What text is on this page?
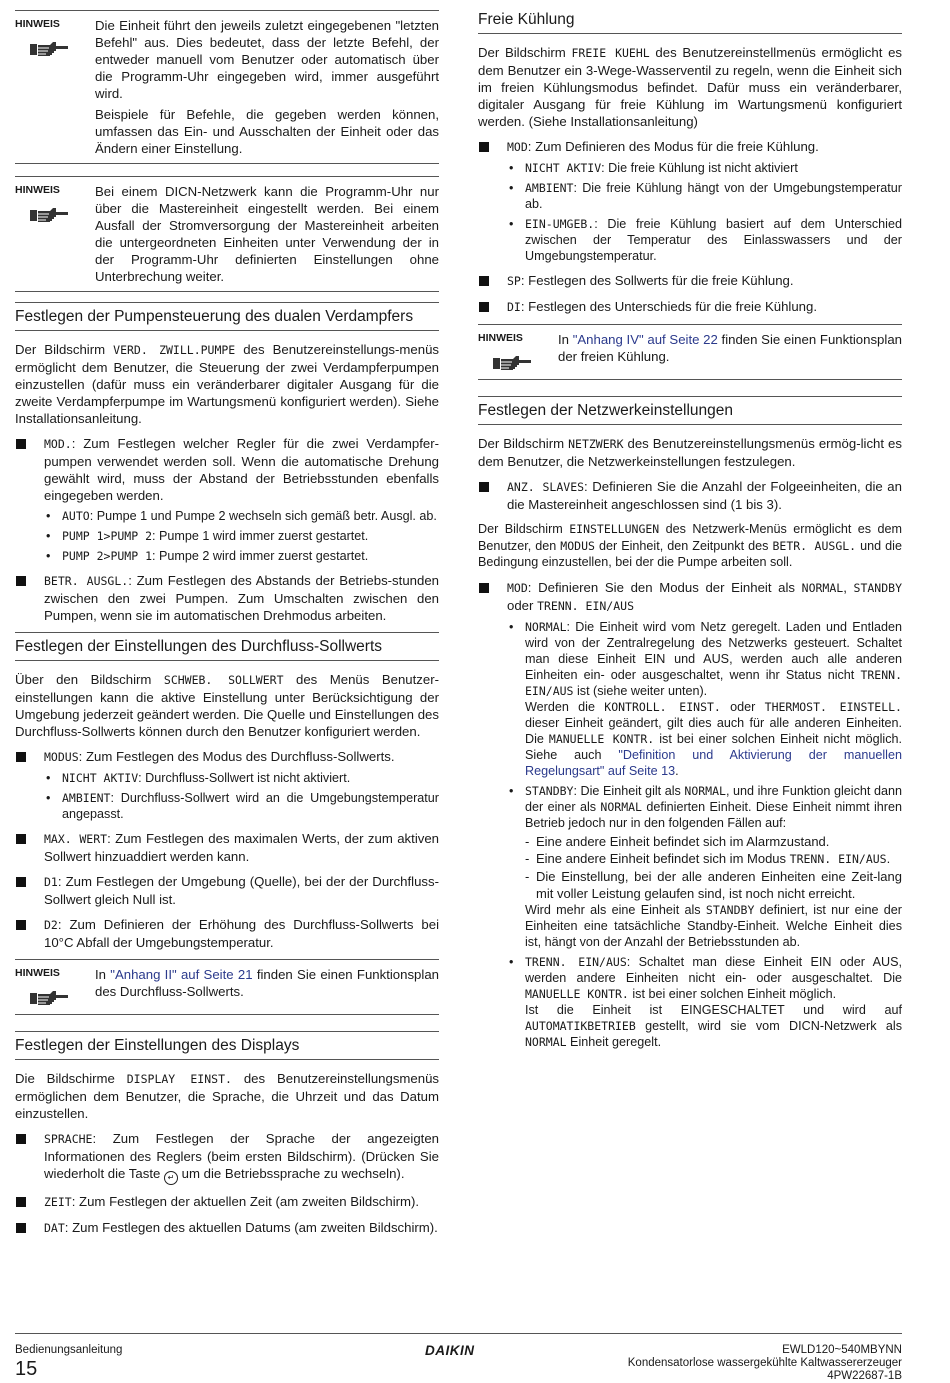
HINWEIS	Die Einheit führt den jeweils zuletzt eingegebenen "letzten Befehl" aus. Dies bedeutet, dass der letzte Befehl, der entweder manuell vom Benutzer oder automatisch über die Programm-Uhr eingegeben wird, immer ausgeführt wird.

Beispiele für Befehle, die gegeben werden können, umfassen das Ein- und Ausschalten der Einheit oder das Ändern einer Einstellung.

HINWEIS	Bei einem DICN-Netzwerk kann die Programm-Uhr nur über die Mastereinheit eingestellt werden. Bei einem Ausfall der Stromversorgung der Mastereinheit arbeiten die untergeordneten Einheiten unter Verwendung der in der Programm-Uhr definierten Einstellungen ohne Unterbrechung weiter.

Festlegen der Pumpensteuerung des dualen Verdampfers

Der Bildschirm VERD. ZWILL.PUMPE des Benutzereinstellungs-menüs ermöglicht dem Benutzer, die Steuerung der zwei Verdampferpumpen einzustellen (dafür muss ein veränderbarer digitaler Ausgang für die zweite Verdampferpumpe im Wartungsmenü konfiguriert werden). Siehe Installationsanleitung.

MOD.: Zum Festlegen welcher Regler für die zwei Verdampfer-pumpen verwendet werden soll. Wenn die automatische Drehung gewählt wird, muss der Abstand der Betriebsstunden ebenfalls eingegeben werden.
• AUTO: Pumpe 1 und Pumpe 2 wechseln sich gemäß betr. Ausgl. ab.
• PUMP 1>PUMP 2: Pumpe 1 wird immer zuerst gestartet.
• PUMP 2>PUMP 1: Pumpe 2 wird immer zuerst gestartet.
BETR. AUSGL.: Zum Festlegen des Abstands der Betriebs-stunden zwischen den zwei Pumpen. Zum Umschalten zwischen den Pumpen, wenn sie im automatischen Drehmodus arbeiten.
Festlegen der Einstellungen des Durchfluss-Sollwerts

Über den Bildschirm SCHWEB. SOLLWERT des Menüs Benutzer-einstellungen kann die aktive Einstellung unter Berücksichtigung der Umgebung jederzeit geändert werden. Die Quelle und Einstellungen des Durchfluss-Sollwerts können durch den Benutzer konfiguriert werden.

MODUS: Zum Festlegen des Modus des Durchfluss-Sollwerts.
• NICHT AKTIV: Durchfluss-Sollwert ist nicht aktiviert.
• AMBIENT: Durchfluss-Sollwert wird an die Umgebungstemperatur angepasst.
MAX. WERT: Zum Festlegen des maximalen Werts, der zum aktiven Sollwert hinzuaddiert werden kann.
D1: Zum Festlegen der Umgebung (Quelle), bei der der Durchfluss-Sollwert gleich Null ist.
D2: Zum Definieren der Erhöhung des Durchfluss-Sollwerts bei 10°C Abfall der Umgebungstemperatur.
HINWEIS	In "Anhang II" auf Seite 21 finden Sie einen Funktionsplan des Durchfluss-Sollwerts.

Festlegen der Einstellungen des Displays

Die Bildschirme DISPLAY EINST. des Benutzereinstellungsmenüs ermöglichen dem Benutzer, die Sprache, die Uhrzeit und das Datum einzustellen.

SPRACHE: Zum Festlegen der Sprache der angezeigten Informationen des Reglers (beim ersten Bildschirm). (Drücken Sie wiederholt die Taste ↵ um die Betriebssprache zu wechseln).
ZEIT: Zum Festlegen der aktuellen Zeit (am zweiten Bildschirm).
DAT: Zum Festlegen des aktuellen Datums (am zweiten Bildschirm).
Freie Kühlung

Der Bildschirm FREIE KUEHL des Benutzereinstellmenüs ermöglicht es dem Benutzer ein 3-Wege-Wasserventil zu regeln, wenn die Einheit sich im freien Kühlungsmodus befindet. Dafür muss ein veränderbarer, digitaler Ausgang für freie Kühlung im Wartungsmenü konfiguriert werden. (Siehe Installationsanleitung)

MOD: Zum Definieren des Modus für die freie Kühlung.
• NICHT AKTIV: Die freie Kühlung ist nicht aktiviert
• AMBIENT: Die freie Kühlung hängt von der Umgebungstemperatur ab.
• EIN-UMGEB.: Die freie Kühlung basiert auf dem Unterschied zwischen der Temperatur des Einlasswassers und der Umgebungstemperatur.
SP: Festlegen des Sollwerts für die freie Kühlung.
DI: Festlegen des Unterschieds für die freie Kühlung.
HINWEIS	In "Anhang IV" auf Seite 22 finden Sie einen Funktionsplan der freien Kühlung.

Festlegen der Netzwerkeinstellungen

Der Bildschirm NETZWERK des Benutzereinstellungsmenüs ermög-licht es dem Benutzer, die Netzwerkeinstellungen festzulegen.

ANZ. SLAVES: Definieren Sie die Anzahl der Folgeeinheiten, die an die Mastereinheit angeschlossen sind (1 bis 3).

Der Bildschirm EINSTELLUNGEN des Netzwerk-Menüs ermöglicht es dem Benutzer, den MODUS der Einheit, den Zeitpunkt des BETR. AUSGL. und die Bedingung einzustellen, bei der die Pumpe arbeiten soll.

MOD: Definieren Sie den Modus der Einheit als NORMAL, STANDBY oder TRENN. EIN/AUS
• NORMAL: Die Einheit wird vom Netz geregelt. Laden und Entladen wird von der Zentralregelung des Netzwerks gesteuert. Schaltet man diese Einheit EIN und AUS, werden auch alle anderen Einheiten ein- oder ausgeschaltet, wenn ihr Status nicht TRENN. EIN/AUS ist (siehe weiter unten).
Werden die KONTROLL. EINST. oder THERMOST. EINSTELL. dieser Einheit geändert, gilt dies auch für alle anderen Einheiten. Die MANUELLE KONTR. ist bei einer solchen Einheit nicht möglich. Siehe auch "Definition und Aktivierung der manuellen Regelungsart" auf Seite 13.
• STANDBY: Die Einheit gilt als NORMAL, und ihre Funktion gleicht dann der einer als NORMAL definierten Einheit. Diese Einheit nimmt ihren Betrieb jedoch nur in den folgenden Fällen auf:
- Eine andere Einheit befindet sich im Alarmzustand.
- Eine andere Einheit befindet sich im Modus TRENN. EIN/AUS.
- Die Einstellung, bei der alle anderen Einheiten eine Zeit-lang mit voller Leistung gelaufen sind, ist noch nicht erreicht.
Wird mehr als eine Einheit als STANDBY definiert, ist nur eine der Einheiten eine tatsächliche Standby-Einheit. Welche Einheit dies ist, hängt von der Anzahl der Betriebsstunden ab.
• TRENN. EIN/AUS: Schaltet man diese Einheit EIN oder AUS, werden andere Einheiten nicht ein- oder ausgeschaltet. Die MANUELLE KONTR. ist bei einer solchen Einheit möglich.
Ist die Einheit ist EINGESCHALTET und wird auf AUTOMATIKBETRIEB gestellt, wird sie vom DICN-Netzwerk als NORMAL Einheit geregelt.
Bedienungsanleitung
15
DAIKIN	EWLD120~540MBYNN
Kondensatorlose wassergekühlte Kaltwassererzeuger
4PW22687-1B
